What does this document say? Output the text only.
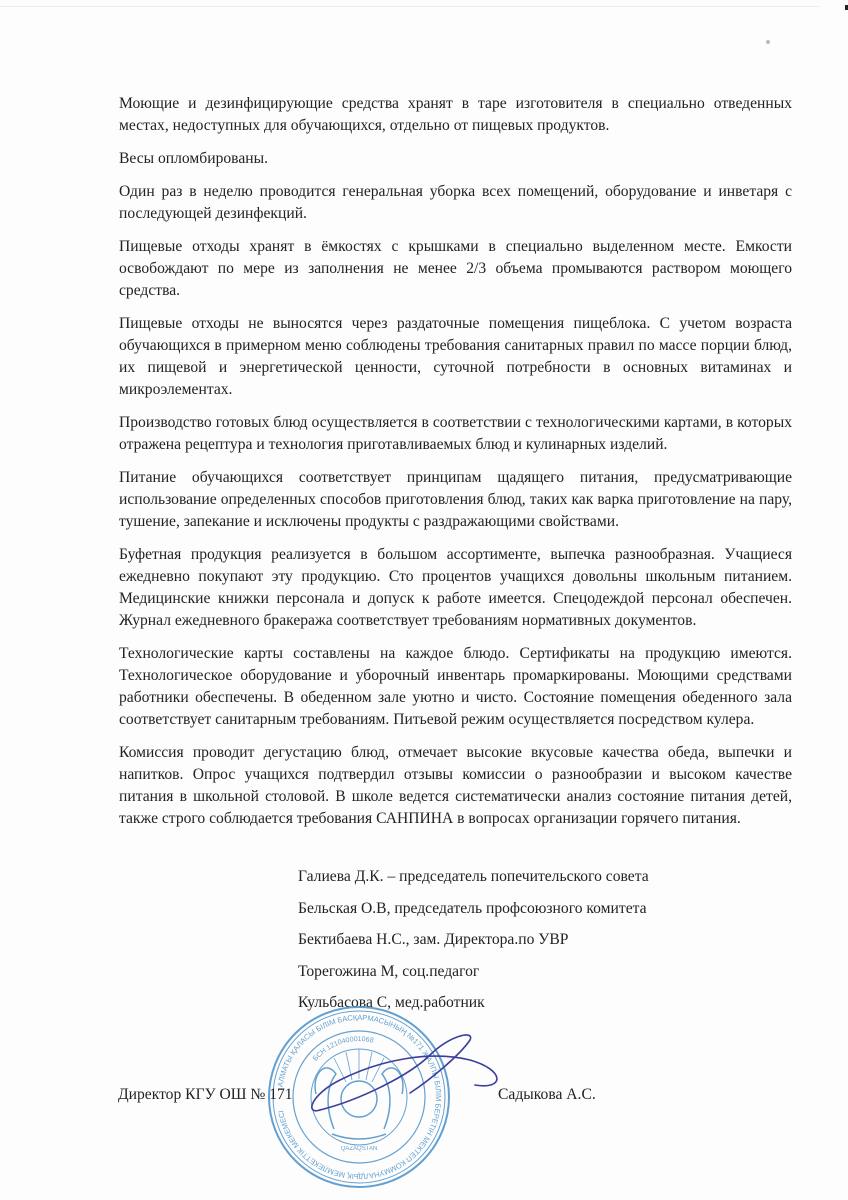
Моющие и дезинфицирующие средства хранят в таре изготовителя в специально отведенных местах, недоступных для обучающихся, отдельно от пищевых продуктов.

Весы опломбированы.

Один раз в неделю проводится генеральная уборка всех помещений, оборудование и инветаря с последующей дезинфекций.

Пищевые отходы хранят в ёмкостях с крышками в специально выделенном месте. Емкости освобождают по мере из заполнения не менее 2/3 объема промываются раствором моющего средства.

Пищевые отходы не выносятся через раздаточные помещения пищеблока. С учетом возраста обучающихся в примерном меню соблюдены требования санитарных правил по массе порции блюд, их пищевой и энергетической ценности, суточной потребности в основных витаминах и микроэлементах.

Производство готовых блюд осуществляется в соответствии с технологическими картами, в которых отражена рецептура и технология приготавливаемых блюд и кулинарных изделий.

Питание обучающихся соответствует принципам щадящего питания, предусматривающие использование определенных способов приготовления блюд, таких как варка приготовление на пару, тушение, запекание и исключены продукты с раздражающими свойствами.

Буфетная продукция реализуется в большом ассортименте, выпечка разнообразная. Учащиеся ежедневно покупают эту продукцию. Сто процентов учащихся довольны школьным питанием. Медицинские книжки персонала и допуск к работе имеется. Спецодеждой персонал обеспечен. Журнал ежедневного бракеража соответствует требованиям нормативных документов.

Технологические карты составлены на каждое блюдо. Сертификаты на продукцию имеются. Технологическое оборудование и уборочный инвентарь промаркированы. Моющими средствами работники обеспечены. В обеденном зале уютно и чисто. Состояние помещения обеденного зала соответствует санитарным требованиям. Питьевой режим осуществляется посредством кулера.

Комиссия проводит дегустацию блюд, отмечает высокие вкусовые качества обеда, выпечки и напитков. Опрос учащихся подтвердил отзывы комиссии о разнообразии и высоком качестве питания в школьной столовой. В школе ведется систематически анализ состояние питания детей, также строго соблюдается требования САНПИНА в вопросах организации горячего питания.

Галиева Д.К. – председатель попечительского совета
Бельская О.В, председатель профсоюзного комитета
Бектибаева Н.С., зам. Директора.по УВР
Торегожина М, соц.педагог
Кульбасова С, мед.работник
АЛМАТЫ ҚАЛАСЫ БІЛІМ БАСҚАРМАСЫНЫҢ №171 ЖАЛПЫ БІЛІМ БЕРЕТІН МЕКТЕП КОММУНАЛДЫҚ МЕМЛЕКЕТТІК МЕКЕМЕСІ
БСН 121040001068
QAZAQSTAN
Директор КГУ ОШ № 171	Садыкова А.С.
